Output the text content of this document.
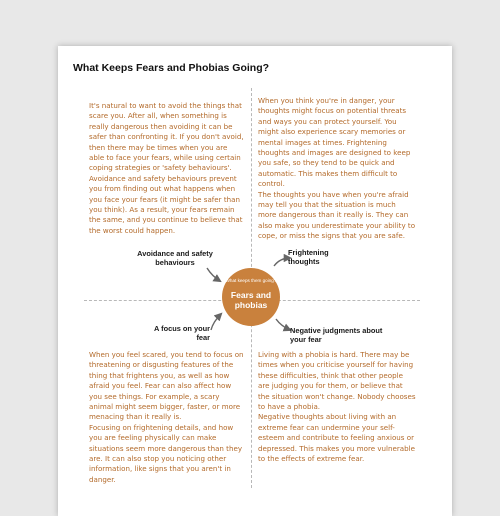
What Keeps Fears and Phobias Going?

It's natural to want to avoid the things that scare you. After all, when something is really dangerous then avoiding it can be safer than confronting it. If you don't avoid, then there may be times when you are able to face your fears, while using certain coping strategies or 'safety behaviours'.

Avoidance and safety behaviours prevent you from finding out what happens when you face your fears (it might be safer than you think). As a result, your fears remain the same, and you continue to believe that the worst could happen.

When you think you're in danger, your thoughts might focus on potential threats and ways you can protect yourself. You might also experience scary memories or mental images at times. Frightening thoughts and images are designed to keep you safe, so they tend to be quick and automatic. This makes them difficult to control.

The thoughts you have when you're afraid may tell you that the situation is much more dangerous than it really is. They can also make you underestimate your ability to cope, or miss the signs that you are safe.

When you feel scared, you tend to focus on threatening or disgusting features of the thing that frightens you, as well as how afraid you feel. Fear can also affect how you see things. For example, a scary animal might seem bigger, faster, or more menacing than it really is.

Focusing on frightening details, and how you are feeling physically can make situations seem more dangerous than they are. It can also stop you noticing other information, like signs that you aren't in danger.

Living with a phobia is hard. There may be times when you criticise yourself for having these difficulties, think that other people are judging you for them, or believe that the situation won't change. Nobody chooses to have a phobia.

Negative thoughts about living with an extreme fear can undermine your self-esteem and contribute to feeling anxious or depressed. This makes you more vulnerable to the effects of extreme fear.

What keeps them going?
Fears and phobias
Avoidance and safety behaviours
Frightening thoughts
A focus on your fear
Negative judgments about your fear
